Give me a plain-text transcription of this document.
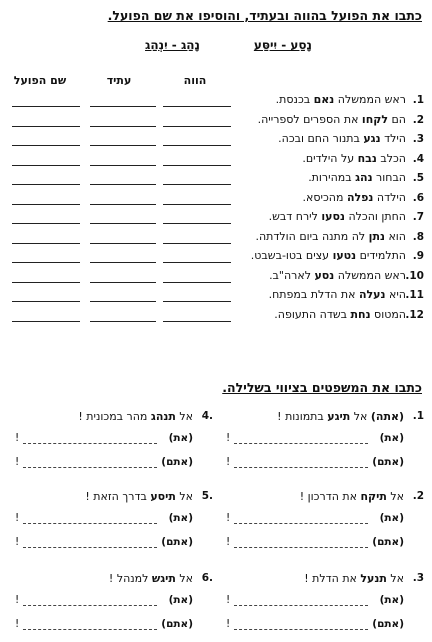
כתבו את הפועל בהווה ובעתיד, והוסיפו את שם הפועל.
נָסַע - יִיסַּע
נָהַג - יִנְהַג
הווה
עתיד
שם הפועל
1.
ראש הממשלה נאם בכנסת.
2.
הם לקחו את הספרים לספרייה.
3.
הילד נגע בתנור החם ובכה.
4.
הכלב נבח על הילדים.
5.
הבחור נהג במהירות.
6.
הילדה נפלה מהכיסא.
7.
החתן והכלה נסעו לירח דבש.
8.
הוא נתן לה מתנה ביום הולדתה.
9.
התלמידים נטעו עצים בטו-בשבט.
10.
ראש הממשלה נסע לארה"ב.
11.
היא נעלה את הדלת במפתח.
12.
המטוס נחת בשדה התעופה.
כתבו את המשפטים בציווי בשלילה.
1.
(אתה) אל תיגע בתמונות !
(את)
!
(אתם)
!
2.
אל תיקח את הדרכון !
(את)
!
(אתם)
!
3.
אל תנעל את הדלת !
(את)
!
(אתם)
!
.4
אל תנהג מהר במכונית !
(את)
!
(אתם)
!
.5
אל תיסע בדרך הזאת !
(את)
!
(אתם)
!
.6
אל תיגש למנהל !
(את)
!
(אתם)
!
